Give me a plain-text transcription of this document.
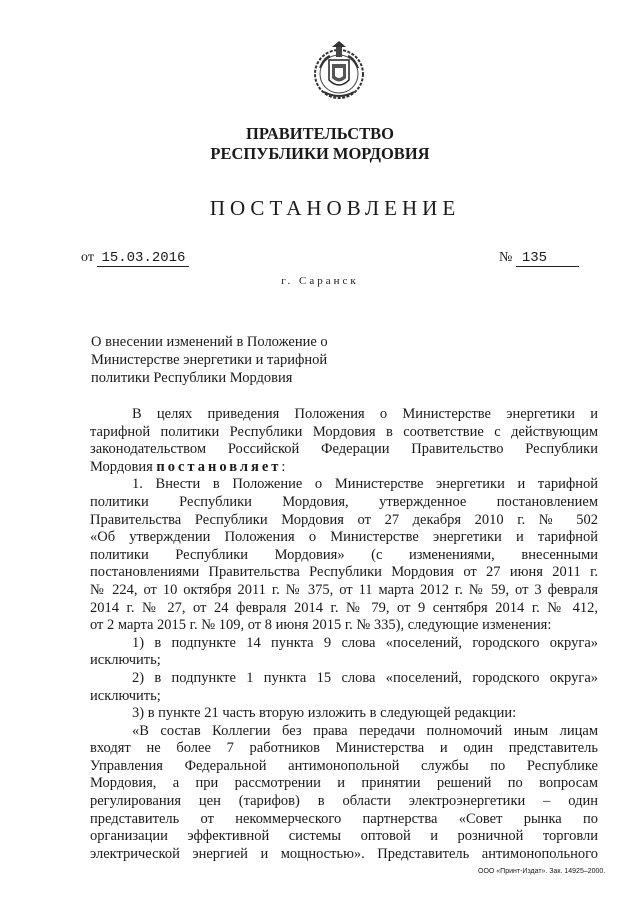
ПРАВИТЕЛЬСТВО
РЕСПУБЛИКИ МОРДОВИЯ
ПОСТАНОВЛЕНИЕ
от 15.03.2016	№ 135
г. Саранск
О внесении изменений в Положение о
Министерстве энергетики и тарифной
политики Республики Мордовия

В целях приведения Положения о Министерстве энергетики и

тарифной политики Республики Мордовия в соответствие с действующим

законодательством Российской Федерации Правительство Республики

Мордовия постановляет:

1. Внести в Положение о Министерстве энергетики и тарифной

политики Республики Мордовия, утвержденное постановлением

Правительства Республики Мордовия от 27 декабря 2010 г. № 502

«Об утверждении Положения о Министерстве энергетики и тарифной

политики Республики Мордовия» (с изменениями, внесенными

постановлениями Правительства Республики Мордовия от 27 июня 2011 г.

№ 224, от 10 октября 2011 г. № 375, от 11 марта 2012 г. № 59, от 3 февраля

2014 г. № 27, от 24 февраля 2014 г. № 79, от 9 сентября 2014 г. № 412,

от 2 марта 2015 г. № 109, от 8 июня 2015 г. № 335), следующие изменения:

1) в подпункте 14 пункта 9 слова «поселений, городского округа»

исключить;

2) в подпункте 1 пункта 15 слова «поселений, городского округа»

исключить;

3) в пункте 21 часть вторую изложить в следующей редакции:

«В состав Коллегии без права передачи полномочий иным лицам

входят не более 7 работников Министерства и один представитель

Управления Федеральной антимонопольной службы по Республике

Мордовия, а при рассмотрении и принятии решений по вопросам

регулирования цен (тарифов) в области электроэнергетики – один

представитель от некоммерческого партнерства «Совет рынка по

организации эффективной системы оптовой и розничной торговли

электрической энергией и мощностью». Представитель антимонопольного

ООО «Принт-Издат». Зак. 14925–2000.
